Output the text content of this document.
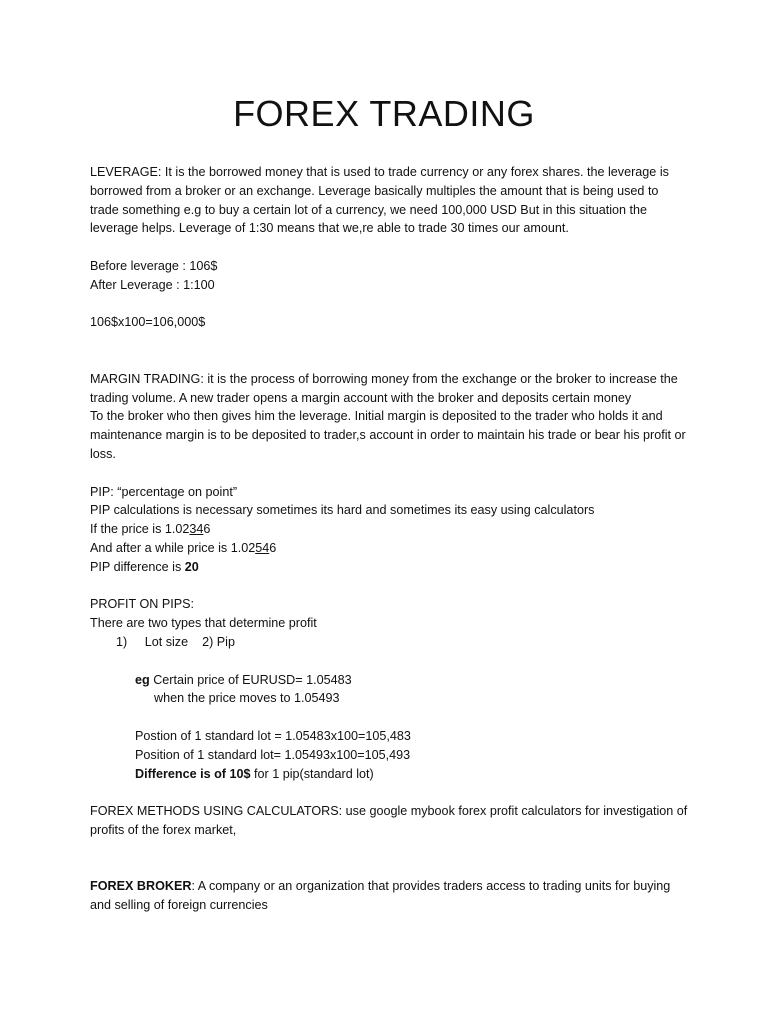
FOREX TRADING

LEVERAGE: It is the borrowed money that is used to trade currency or any forex shares. the leverage is borrowed from a broker or an exchange. Leverage basically multiples the amount that is being used to trade something e.g to buy a certain lot of a currency, we need 100,000 USD But in this situation the leverage helps. Leverage of 1:30 means that we,re able to trade 30 times our amount.

Before leverage : 106$

After Leverage : 1:100

106$x100=106,000$

MARGIN TRADING: it is the process of borrowing money from the exchange or the broker to increase the trading volume. A new trader opens a margin account with the broker and deposits certain money

To the broker who then gives him the leverage. Initial margin is deposited to the trader who holds it and maintenance margin is to be deposited to trader,s account in order to maintain his trade or bear his profit or loss.

PIP: “percentage on point”

PIP calculations is necessary sometimes its hard and sometimes its easy using calculators

If the price is 1.02346

And after a while price is 1.02546

PIP difference is 20

PROFIT ON PIPS:

There are two types that determine profit

1)     Lot size    2) Pip

eg Certain price of EURUSD= 1.05483

when the price moves to 1.05493

Postion of 1 standard lot = 1.05483x100=105,483

Position of 1 standard lot= 1.05493x100=105,493

Difference is of 10$ for 1 pip(standard lot)

FOREX METHODS USING CALCULATORS: use google mybook forex profit calculators for investigation of profits of the forex market,

FOREX BROKER: A company or an organization that provides traders access to trading units for buying and selling of foreign currencies
